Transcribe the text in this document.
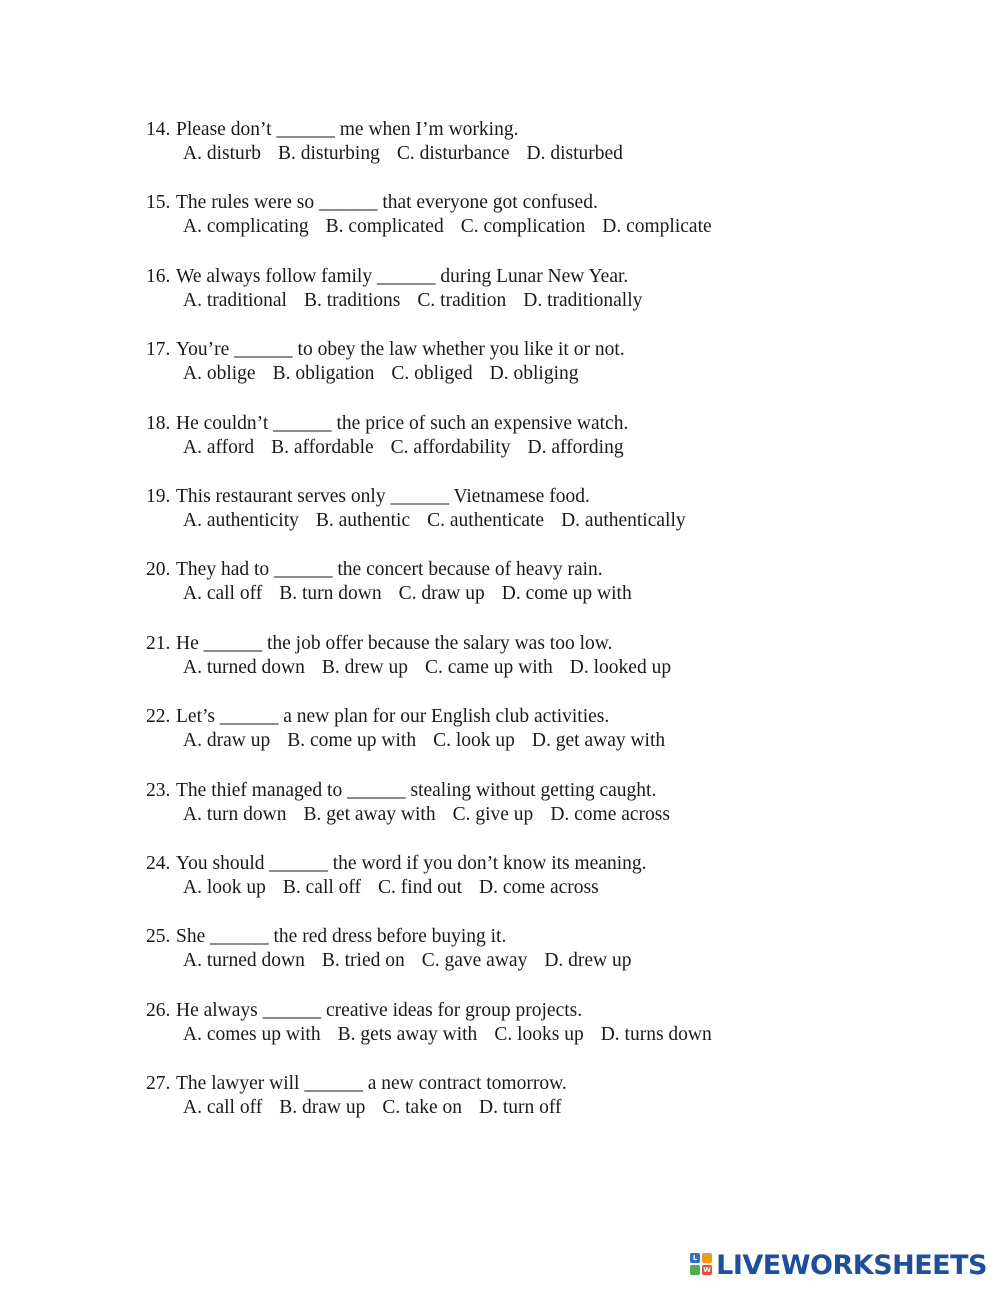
14. Please don’t ______ me when I’m working.
A. disturb B. disturbing C. disturbance D. disturbed
15. The rules were so ______ that everyone got confused.
A. complicating B. complicated C. complication D. complicate
16. We always follow family ______ during Lunar New Year.
A. traditional B. traditions C. tradition D. traditionally
17. You’re ______ to obey the law whether you like it or not.
A. oblige B. obligation C. obliged D. obliging
18. He couldn’t ______ the price of such an expensive watch.
A. afford B. affordable C. affordability D. affording
19. This restaurant serves only ______ Vietnamese food.
A. authenticity B. authentic C. authenticate D. authentically
20. They had to ______ the concert because of heavy rain.
A. call off B. turn down C. draw up D. come up with
21. He ______ the job offer because the salary was too low.
A. turned down B. drew up C. came up with D. looked up
22. Let’s ______ a new plan for our English club activities.
A. draw up B. come up with C. look up D. get away with
23. The thief managed to ______ stealing without getting caught.
A. turn down B. get away with C. give up D. come across
24. You should ______ the word if you don’t know its meaning.
A. look up B. call off C. find out D. come across
25. She ______ the red dress before buying it.
A. turned down B. tried on C. gave away D. drew up
26. He always ______ creative ideas for group projects.
A. comes up with B. gets away with C. looks up D. turns down
27. The lawyer will ______ a new contract tomorrow.
A. call off B. draw up C. take on D. turn off
L
W LIVEWORKSHEETS
